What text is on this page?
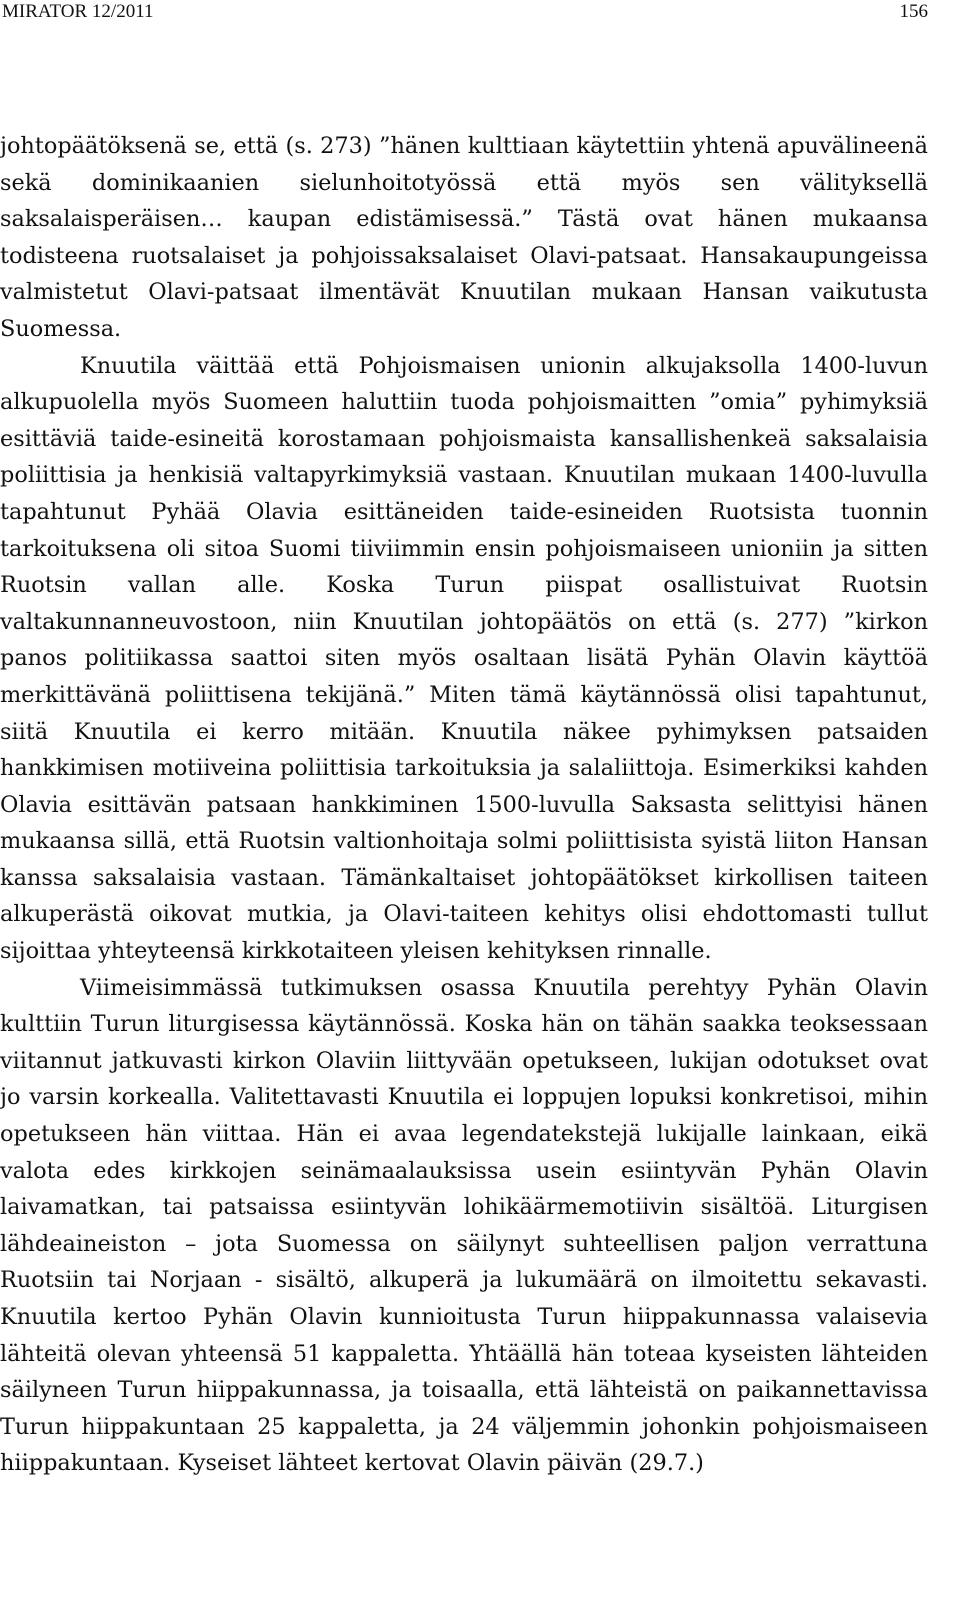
MIRATOR 12/2011	156

johtopäätöksenä se, että (s. 273) ”hänen kulttiaan käytettiin yhtenä apuvälineenä sekä dominikaanien sielunhoitotyössä että myös sen välityksellä saksalaisperäisen… kaupan edistämisessä.” Tästä ovat hänen mukaansa todisteena ruotsalaiset ja pohjoissaksalaiset Olavi-patsaat. Hansakaupungeissa valmistetut Olavi-patsaat ilmentävät Knuutilan mukaan Hansan vaikutusta Suomessa.

Knuutila väittää että Pohjoismaisen unionin alkujaksolla 1400-luvun alkupuolella myös Suomeen haluttiin tuoda pohjoismaitten ”omia” pyhimyksiä esittäviä taide-esineitä korostamaan pohjoismaista kansallishenkeä saksalaisia poliittisia ja henkisiä valtapyrkimyksiä vastaan. Knuutilan mukaan 1400-luvulla tapahtunut Pyhää Olavia esittäneiden taide-esineiden Ruotsista tuonnin tarkoituksena oli sitoa Suomi tiiviimmin ensin pohjoismaiseen unioniin ja sitten Ruotsin vallan alle. Koska Turun piispat osallistuivat Ruotsin valtakunnanneuvostoon, niin Knuutilan johtopäätös on että (s. 277) ”kirkon panos politiikassa saattoi siten myös osaltaan lisätä Pyhän Olavin käyttöä merkittävänä poliittisena tekijänä.” Miten tämä käytännössä olisi tapahtunut, siitä Knuutila ei kerro mitään. Knuutila näkee pyhimyksen patsaiden hankkimisen motiiveina poliittisia tarkoituksia ja salaliittoja. Esimerkiksi kahden Olavia esittävän patsaan hankkiminen 1500-luvulla Saksasta selittyisi hänen mukaansa sillä, että Ruotsin valtionhoitaja solmi poliittisista syistä liiton Hansan kanssa saksalaisia vastaan. Tämänkaltaiset johtopäätökset kirkollisen taiteen alkuperästä oikovat mutkia, ja Olavi-taiteen kehitys olisi ehdottomasti tullut sijoittaa yhteyteensä kirkkotaiteen yleisen kehityksen rinnalle.

Viimeisimmässä tutkimuksen osassa Knuutila perehtyy Pyhän Olavin kulttiin Turun liturgisessa käytännössä. Koska hän on tähän saakka teoksessaan viitannut jatkuvasti kirkon Olaviin liittyvään opetukseen, lukijan odotukset ovat jo varsin korkealla. Valitettavasti Knuutila ei loppujen lopuksi konkretisoi, mihin opetukseen hän viittaa. Hän ei avaa legendatekstejä lukijalle lainkaan, eikä valota edes kirkkojen seinämaalauksissa usein esiintyvän Pyhän Olavin laivamatkan, tai patsaissa esiintyvän lohikäärmemotiivin sisältöä. Liturgisen lähdeaineiston – jota Suomessa on säilynyt suhteellisen paljon verrattuna Ruotsiin tai Norjaan - sisältö, alkuperä ja lukumäärä on ilmoitettu sekavasti. Knuutila kertoo Pyhän Olavin kunnioitusta Turun hiippakunnassa valaisevia lähteitä olevan yhteensä 51 kappaletta. Yhtäällä hän toteaa kyseisten lähteiden säilyneen Turun hiippakunnassa, ja toisaalla, että lähteistä on paikannettavissa Turun hiippakuntaan 25 kappaletta, ja 24 väljemmin johonkin pohjoismaiseen hiippakuntaan. Kyseiset lähteet kertovat Olavin päivän (29.7.)
